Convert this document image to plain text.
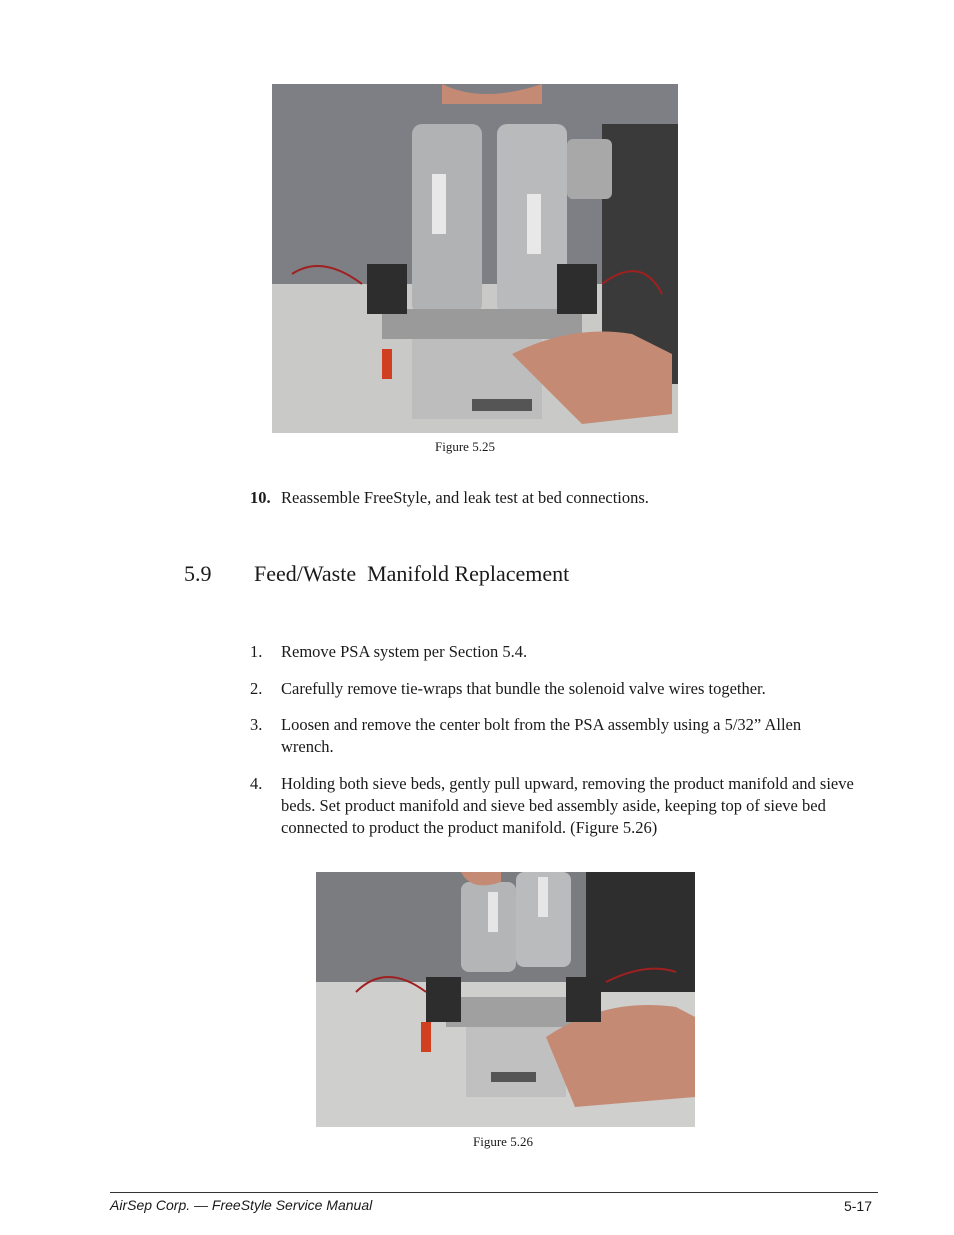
Figure 5.25
10. Reassemble FreeStyle, and leak test at bed connections.
5.9 Feed/Waste  Manifold Replacement
1. Remove PSA system per Section 5.4.
2. Carefully remove tie-wraps that bundle the solenoid valve wires together.
3. Loosen and remove the center bolt from the PSA assembly using a 5/32” Allen wrench.
4. Holding both sieve beds, gently pull upward, removing the product manifold and sieve beds. Set product manifold and sieve bed assembly aside, keeping top of sieve bed connected to product the product manifold. (Figure 5.26)
Figure 5.26
AirSep Corp. — FreeStyle Service Manual	5-17
